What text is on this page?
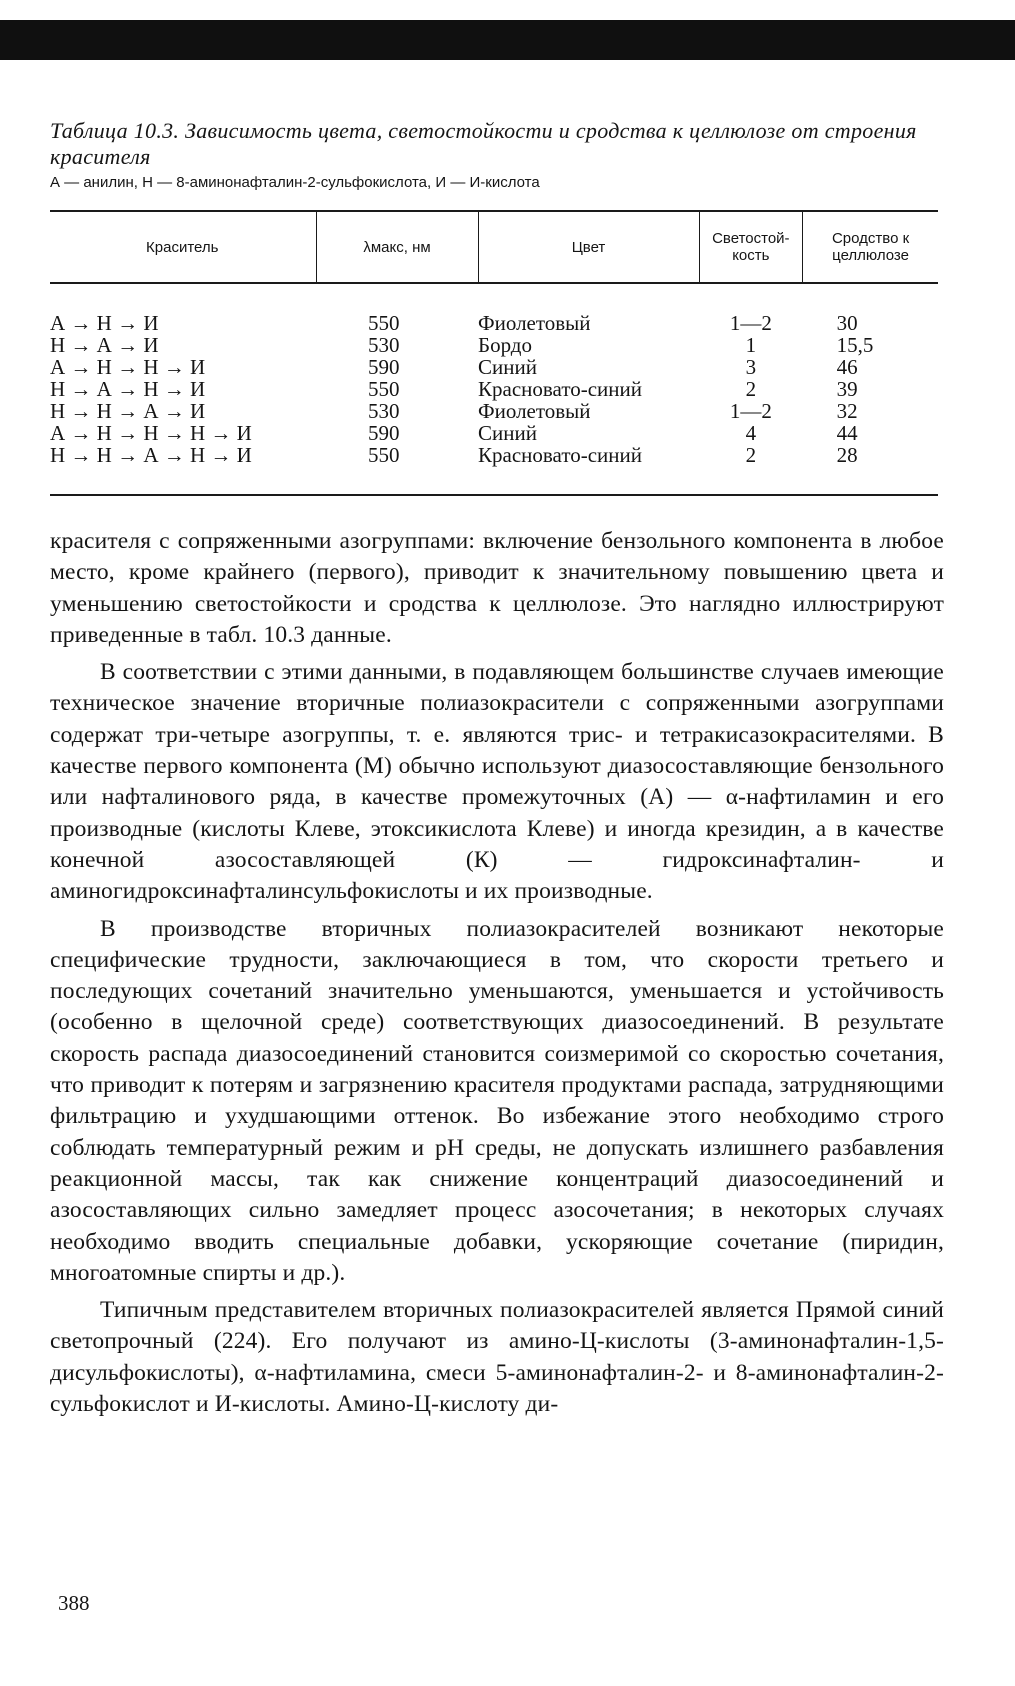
Таблица 10.3. Зависимость цвета, светостойкости и сродства к целлюлозе от строения красителя

А — анилин, Н — 8-аминонафталин-2-сульфокислота, И — И-кислота

Краситель	λмакс, нм	Цвет	Светостой-кость	Сродство к целлюлозе
А → Н → И	550	Фиолетовый	1—2	30
Н → А → И	530	Бордо	1	15,5
А → Н → Н → И	590	Синий	3	46
Н → А → Н → И	550	Красновато-синий	2	39
Н → Н → А → И	530	Фиолетовый	1—2	32
А → Н → Н → Н → И	590	Синий	4	44
Н → Н → А → Н → И	550	Красновато-синий	2	28

красителя с сопряженными азогруппами: включение бензольного компонента в любое место, кроме крайнего (первого), приводит к значительному повышению цвета и уменьшению светостойкости и сродства к целлюлозе. Это наглядно иллюстрируют приведенные в табл. 10.3 данные.

В соответствии с этими данными, в подавляющем большинстве случаев имеющие техническое значение вторичные полиазокрасители с сопряженными азогруппами содержат три-четыре азогруппы, т. е. являются трис- и тетракисазокрасителями. В качестве первого компонента (М) обычно используют диазосоставляющие бензольного или нафталинового ряда, в качестве промежуточных (А) — α-нафтиламин и его производные (кислоты Клеве, этоксикислота Клеве) и иногда крезидин, а в качестве конечной азосоставляющей (К) — гидроксинафталин- и аминогидроксинафталинсульфокислоты и их производные.

В производстве вторичных полиазокрасителей возникают некоторые специфические трудности, заключающиеся в том, что скорости третьего и последующих сочетаний значительно уменьшаются, уменьшается и устойчивость (особенно в щелочной среде) соответствующих диазосоединений. В результате скорость распада диазосоединений становится соизмеримой со скоростью сочетания, что приводит к потерям и загрязнению красителя продуктами распада, затрудняющими фильтрацию и ухудшающими оттенок. Во избежание этого необходимо строго соблюдать температурный режим и pH среды, не допускать излишнего разбавления реакционной массы, так как снижение концентраций диазосоединений и азосоставляющих сильно замедляет процесс азосочетания; в некоторых случаях необходимо вводить специальные добавки, ускоряющие сочетание (пиридин, многоатомные спирты и др.).

Типичным представителем вторичных полиазокрасителей является Прямой синий светопрочный (224). Его получают из амино-Ц-кислоты (3-аминонафталин-1,5-дисульфокислоты), α-нафтиламина, смеси 5-аминонафталин-2- и 8-аминонафталин-2-сульфокислот и И-кислоты. Амино-Ц-кислоту ди-

388
